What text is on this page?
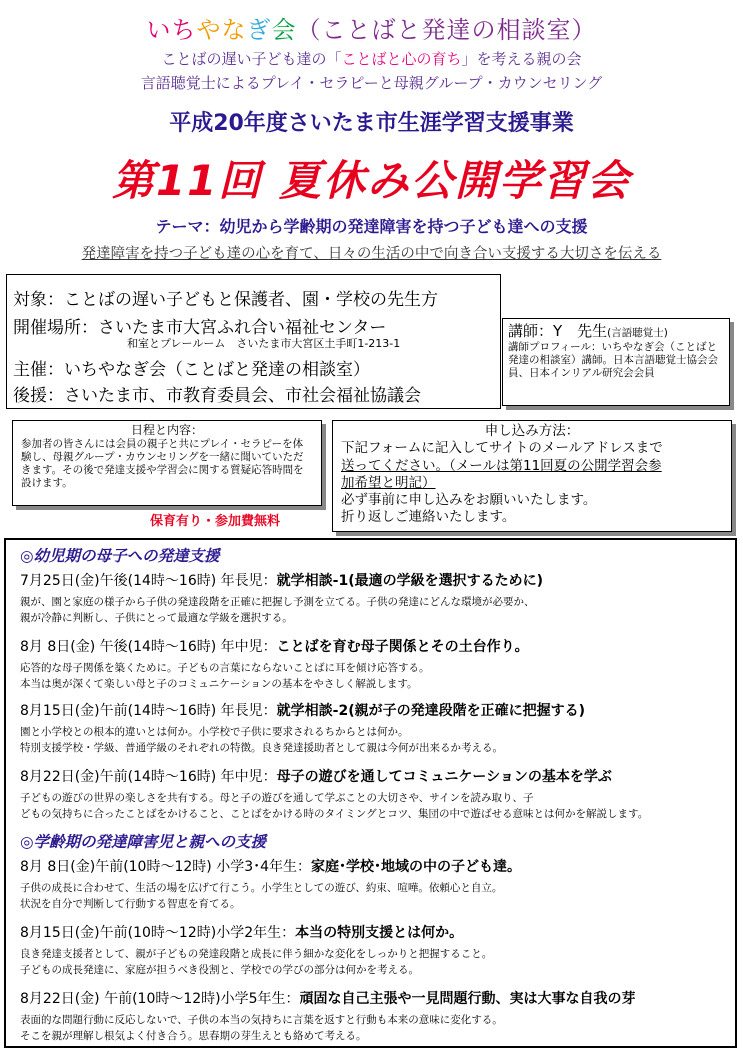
いちやなぎ会（ことばと発達の相談室）
ことばの遅い子ども達の「ことばと心の育ち」を考える親の会
言語聴覚士によるプレイ・セラピーと母親グループ・カウンセリング
平成20年度さいたま市生涯学習支援事業
第11回 夏休み公開学習会
テーマ：幼児から学齢期の発達障害を持つ子ども達への支援
発達障害を持つ子ども達の心を育て、日々の生活の中で向き合い支援する大切さを伝える
対象：ことばの遅い子どもと保護者、園・学校の先生方
開催場所：さいたま市大宮ふれ合い福祉センター
和室とプレールーム　さいたま市大宮区土手町1-213-1
主催：いちやなぎ会（ことばと発達の相談室）
後援：さいたま市、市教育委員会、市社会福祉協議会
講師：Y　先生(言語聴覚士)
講師プロフィール：いちやなぎ会（ことばと発達の相談室）講師。日本言語聴覚士協会会員、日本インリアル研究会会員
日程と内容：
参加者の皆さんには会員の親子と共にプレイ・セラピーを体験し、母親グループ・カウンセリングを一緒に聞いていただきます。その後で発達支援や学習会に関する質疑応答時間を設けます。
保育有り・参加費無料
申し込み方法：
下記フォームに記入してサイトのメールアドレスまで
送ってください。（メールは第11回夏の公開学習会参
加希望と明記）
必ず事前に申し込みをお願いいたします。
折り返しご連絡いたします。
◎幼児期の母子への発達支援
7月25日(金)午後(14時〜16時) 年長児：就学相談-1(最適の学級を選択するために)
親が、園と家庭の様子から子供の発達段階を正確に把握し予測を立てる。子供の発達にどんな環境が必要か、
親が冷静に判断し、子供にとって最適な学級を選択する。
8月 8日(金) 午後(14時〜16時) 年中児：ことばを育む母子関係とその土台作り。
応答的な母子関係を築くために。子どもの言葉にならないことばに耳を傾け応答する。
本当は奥が深くて楽しい母と子のコミュニケーションの基本をやさしく解説します。
8月15日(金)午前(14時〜16時) 年長児：就学相談-2(親が子の発達段階を正確に把握する)
園と小学校との根本的違いとは何か。小学校で子供に要求されるちからとは何か。
特別支援学校・学級、普通学級のそれぞれの特徴。良き発達援助者として親は今何が出来るか考える。
8月22日(金)午前(14時〜16時) 年中児：母子の遊びを通してコミュニケーションの基本を学ぶ
子どもの遊びの世界の楽しさを共有する。母と子の遊びを通して学ぶことの大切さや、サインを読み取り、子
どもの気持ちに合ったことばをかけること、ことばをかける時のタイミングとコツ、集団の中で遊ばせる意味とは何かを解説します。
◎学齢期の発達障害児と親への支援
8月 8日(金)午前(10時〜12時) 小学3･4年生：家庭･学校･地域の中の子ども達。
子供の成長に合わせて、生活の場を広げて行こう。小学生としての遊び、約束、喧嘩。依頼心と自立。
状況を自分で判断して行動する智恵を育てる。
8月15日(金)午前(10時〜12時)小学2年生：本当の特別支援とは何か。
良き発達支援者として、親が子どもの発達段階と成長に伴う細かな変化をしっかりと把握すること。
子どもの成長発達に、家庭が担うべき役割と、学校での学びの部分は何かを考える。
8月22日(金) 午前(10時〜12時)小学5年生：頑固な自己主張や一見問題行動、実は大事な自我の芽
表面的な問題行動に反応しないで、子供の本当の気持ちに言葉を返すと行動も本来の意味に変化する。
そこを親が理解し根気よく付き合う。思春期の芽生えとも絡めて考える。
